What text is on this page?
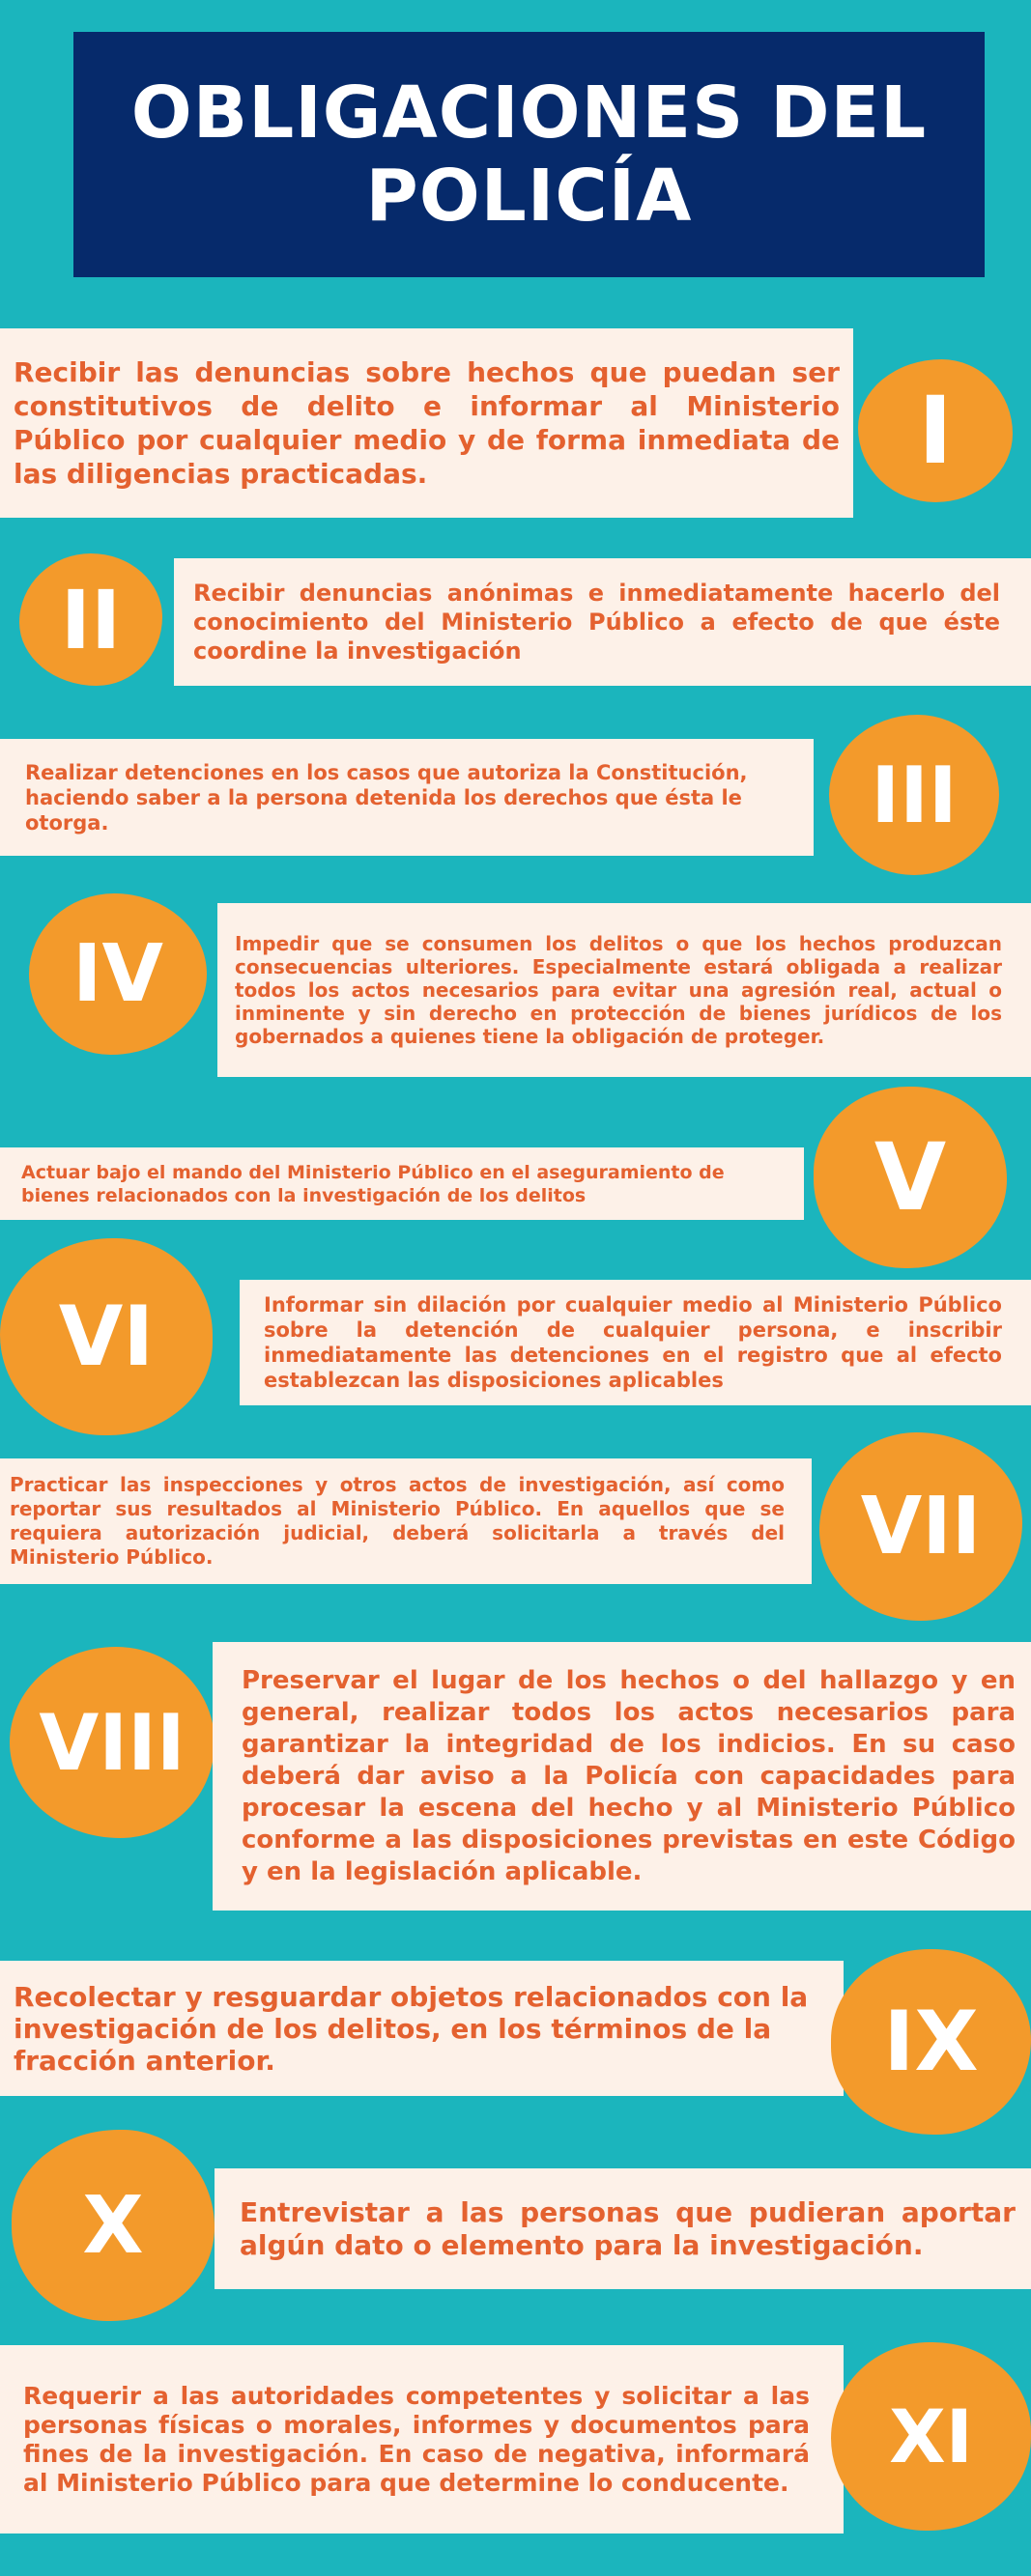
OBLIGACIONES DEL POLICÍA

Recibir las denuncias sobre hechos que puedan ser constitutivos de delito e informar al Ministerio Público por cualquier medio y de forma inmediata de las diligencias practicadas.	I
II	Recibir denuncias anónimas e inmediatamente hacerlo del conocimiento del Ministerio Público a efecto de que éste coordine la investigación

Realizar detenciones en los casos que autoriza la Constitución, haciendo saber a la persona detenida los derechos que ésta le otorga.	III
IV	Impedir que se consumen los delitos o que los hechos produzcan consecuencias ulteriores. Especialmente estará obligada a realizar todos los actos necesarios para evitar una agresión real, actual o inminente y sin derecho en protección de bienes jurídicos de los gobernados a quienes tiene la obligación de proteger.

Actuar bajo el mando del Ministerio Público en el aseguramiento de bienes relacionados con la investigación de los delitos	V
VI	Informar sin dilación por cualquier medio al Ministerio Público sobre la detención de cualquier persona, e inscribir inmediatamente las detenciones en el registro que al efecto establezcan las disposiciones aplicables

Practicar las inspecciones y otros actos de investigación, así como reportar sus resultados al Ministerio Público. En aquellos que se requiera autorización judicial, deberá solicitarla a través del Ministerio Público.	VII
VIII

Preservar el lugar de los hechos o del hallazgo y en general, realizar todos los actos necesarios para garantizar la integridad de los indicios. En su caso deberá dar aviso a la Policía con capacidades para procesar la escena del hecho y al Ministerio Público conforme a las disposiciones previstas en este Código y en la legislación aplicable.

Recolectar y resguardar objetos relacionados con la investigación de los delitos, en los términos de la fracción anterior.	IX
X	Entrevistar a las personas que pudieran aportar algún dato o elemento para la investigación.

Requerir a las autoridades competentes y solicitar a las personas físicas o morales, informes y documentos para fines de la investigación. En caso de negativa, informará al Ministerio Público para que determine lo conducente.

XI
